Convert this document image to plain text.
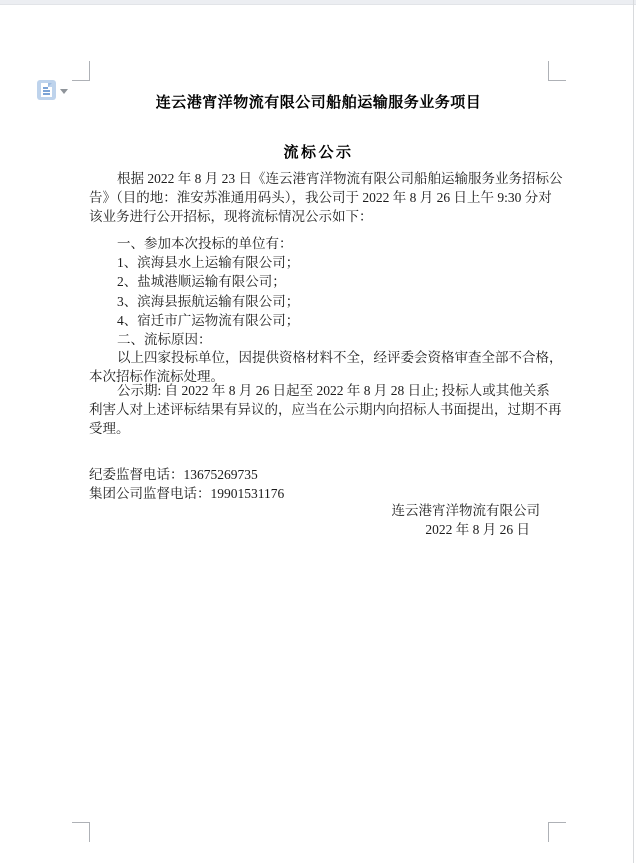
连云港宵洋物流有限公司船舶运输服务业务项目
流标公示

根据 2022 年 8 月 23 日《连云港宵洋物流有限公司船舶运输服务业务招标公

告》（目的地：淮安苏淮通用码头），我公司于 2022 年 8 月 26 日上午 9:30 分对

该业务进行公开招标，现将流标情况公示如下：

一、参加本次投标的单位有：

1、滨海县水上运输有限公司；

2、盐城港顺运输有限公司；

3、滨海县振航运输有限公司；

4、宿迁市广运物流有限公司；

二、流标原因：

以上四家投标单位，因提供资格材料不全，经评委会资格审查全部不合格，

本次招标作流标处理。

公示期: 自 2022 年 8 月 26 日起至 2022 年 8 月 28 日止; 投标人或其他关系

利害人对上述评标结果有异议的，应当在公示期内向招标人书面提出，过期不再

受理。

纪委监督电话：13675269735

集团公司监督电话：19901531176

连云港宵洋物流有限公司

2022 年 8 月 26 日
